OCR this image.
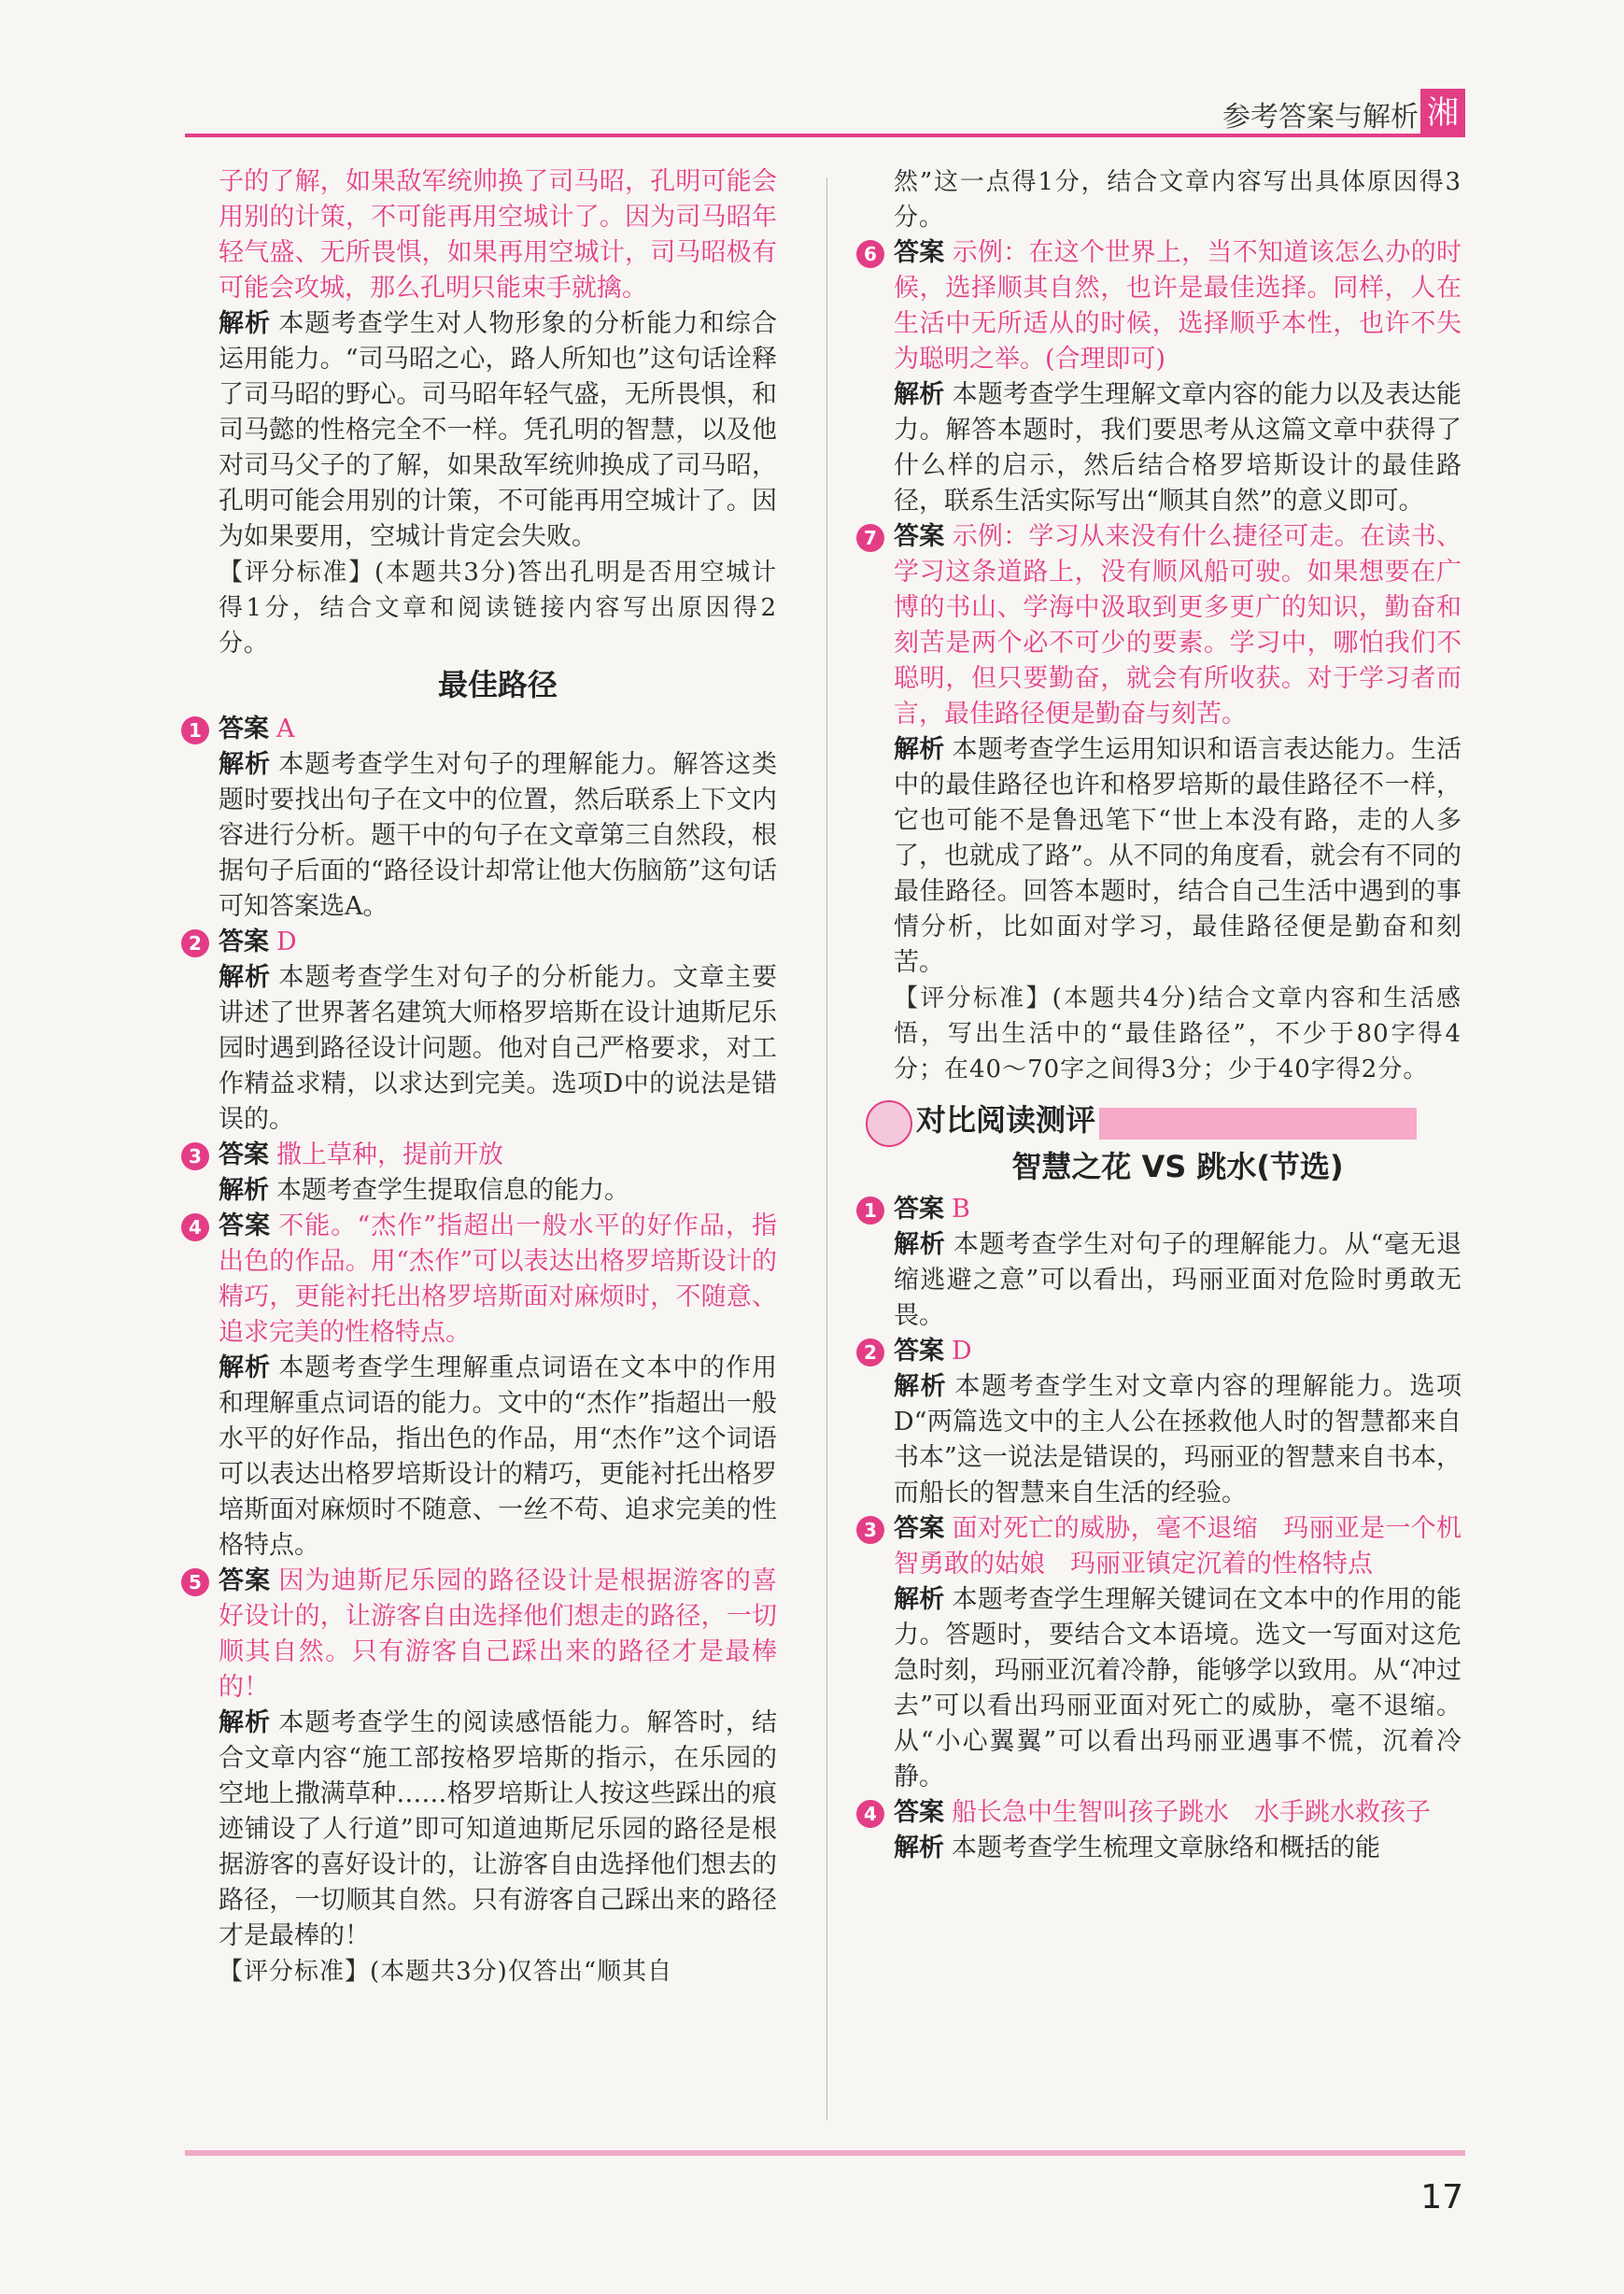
参考答案与解析 湘

子的了解，如果敌军统帅换了司马昭，孔明可能会用别的计策，不可能再用空城计了。因为司马昭年轻气盛、无所畏惧，如果再用空城计，司马昭极有可能会攻城，那么孔明只能束手就擒。

解析 本题考查学生对人物形象的分析能力和综合运用能力。“司马昭之心，路人所知也”这句话诠释了司马昭的野心。司马昭年轻气盛，无所畏惧，和司马懿的性格完全不一样。凭孔明的智慧，以及他对司马父子的了解，如果敌军统帅换成了司马昭，孔明可能会用别的计策，不可能再用空城计了。因为如果要用，空城计肯定会失败。

【评分标准】(本题共3分)答出孔明是否用空城计得1分，结合文章和阅读链接内容写出原因得2分。

最佳路径
1 答案 A

解析 本题考查学生对句子的理解能力。解答这类题时要找出句子在文中的位置，然后联系上下文内容进行分析。题干中的句子在文章第三自然段，根据句子后面的“路径设计却常让他大伤脑筋”这句话可知答案选A。

2 答案 D

解析 本题考查学生对句子的分析能力。文章主要讲述了世界著名建筑大师格罗培斯在设计迪斯尼乐园时遇到路径设计问题。他对自己严格要求，对工作精益求精，以求达到完美。选项D中的说法是错误的。

3 答案 撒上草种，提前开放

解析 本题考查学生提取信息的能力。

4 答案 不能。“杰作”指超出一般水平的好作品，指出色的作品。用“杰作”可以表达出格罗培斯设计的精巧，更能衬托出格罗培斯面对麻烦时，不随意、追求完美的性格特点。

解析 本题考查学生理解重点词语在文本中的作用和理解重点词语的能力。文中的“杰作”指超出一般水平的好作品，指出色的作品，用“杰作”这个词语可以表达出格罗培斯设计的精巧，更能衬托出格罗培斯面对麻烦时不随意、一丝不苟、追求完美的性格特点。

5 答案 因为迪斯尼乐园的路径设计是根据游客的喜好设计的，让游客自由选择他们想走的路径，一切顺其自然。只有游客自己踩出来的路径才是最棒的！

解析 本题考查学生的阅读感悟能力。解答时，结合文章内容“施工部按格罗培斯的指示，在乐园的空地上撒满草种……格罗培斯让人按这些踩出的痕迹铺设了人行道”即可知道迪斯尼乐园的路径是根据游客的喜好设计的，让游客自由选择他们想去的路径，一切顺其自然。只有游客自己踩出来的路径才是最棒的！

【评分标准】(本题共3分)仅答出“顺其自

然”这一点得1分，结合文章内容写出具体原因得3分。

6 答案 示例：在这个世界上，当不知道该怎么办的时候，选择顺其自然，也许是最佳选择。同样，人在生活中无所适从的时候，选择顺乎本性，也许不失为聪明之举。(合理即可)

解析 本题考查学生理解文章内容的能力以及表达能力。解答本题时，我们要思考从这篇文章中获得了什么样的启示，然后结合格罗培斯设计的最佳路径，联系生活实际写出“顺其自然”的意义即可。

7 答案 示例：学习从来没有什么捷径可走。在读书、学习这条道路上，没有顺风船可驶。如果想要在广博的书山、学海中汲取到更多更广的知识，勤奋和刻苦是两个必不可少的要素。学习中，哪怕我们不聪明，但只要勤奋，就会有所收获。对于学习者而言，最佳路径便是勤奋与刻苦。

解析 本题考查学生运用知识和语言表达能力。生活中的最佳路径也许和格罗培斯的最佳路径不一样，它也可能不是鲁迅笔下“世上本没有路，走的人多了，也就成了路”。从不同的角度看，就会有不同的最佳路径。回答本题时，结合自己生活中遇到的事情分析，比如面对学习，最佳路径便是勤奋和刻苦。

【评分标准】(本题共4分)结合文章内容和生活感悟，写出生活中的“最佳路径”，不少于80字得4分；在40～70字之间得3分；少于40字得2分。

对比阅读测评
智慧之花 VS 跳水(节选)
1 答案 B

解析 本题考查学生对句子的理解能力。从“毫无退缩逃避之意”可以看出，玛丽亚面对危险时勇敢无畏。

2 答案 D

解析 本题考查学生对文章内容的理解能力。选项D“两篇选文中的主人公在拯救他人时的智慧都来自书本”这一说法是错误的，玛丽亚的智慧来自书本，而船长的智慧来自生活的经验。

3 答案 面对死亡的威胁，毫不退缩　玛丽亚是一个机智勇敢的姑娘　玛丽亚镇定沉着的性格特点

解析 本题考查学生理解关键词在文本中的作用的能力。答题时，要结合文本语境。选文一写面对这危急时刻，玛丽亚沉着冷静，能够学以致用。从“冲过去”可以看出玛丽亚面对死亡的威胁，毫不退缩。从“小心翼翼”可以看出玛丽亚遇事不慌，沉着冷静。

4 答案 船长急中生智叫孩子跳水　水手跳水救孩子

解析 本题考查学生梳理文章脉络和概括的能

17
